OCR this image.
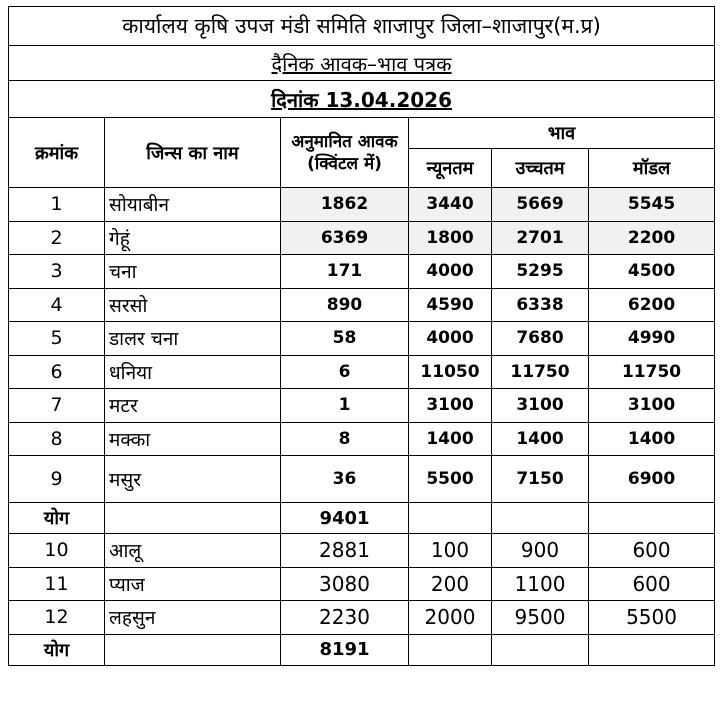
कार्यालय कृषि उपज मंडी समिति शाजापुर जिला–शाजापुर(म.प्र)					
दैनिक आवक–भाव पत्रक					
दिनांक 13.04.2026					
क्रमांक	जिन्स का नाम	अनुमानित आवक (क्विंटल में)	भाव		
			न्यूनतम	उच्चतम	मॉडल
1	सोयाबीन	1862	3440	5669	5545
2	गेहूं	6369	1800	2701	2200
3	चना	171	4000	5295	4500
4	सरसो	890	4590	6338	6200
5	डालर चना	58	4000	7680	4990
6	धनिया	6	11050	11750	11750
7	मटर	1	3100	3100	3100
8	मक्का	8	1400	1400	1400
9	मसुर	36	5500	7150	6900
योग		9401			
10	आलू	2881	100	900	600
11	प्याज	3080	200	1100	600
12	लहसुन	2230	2000	9500	5500
योग		8191			
